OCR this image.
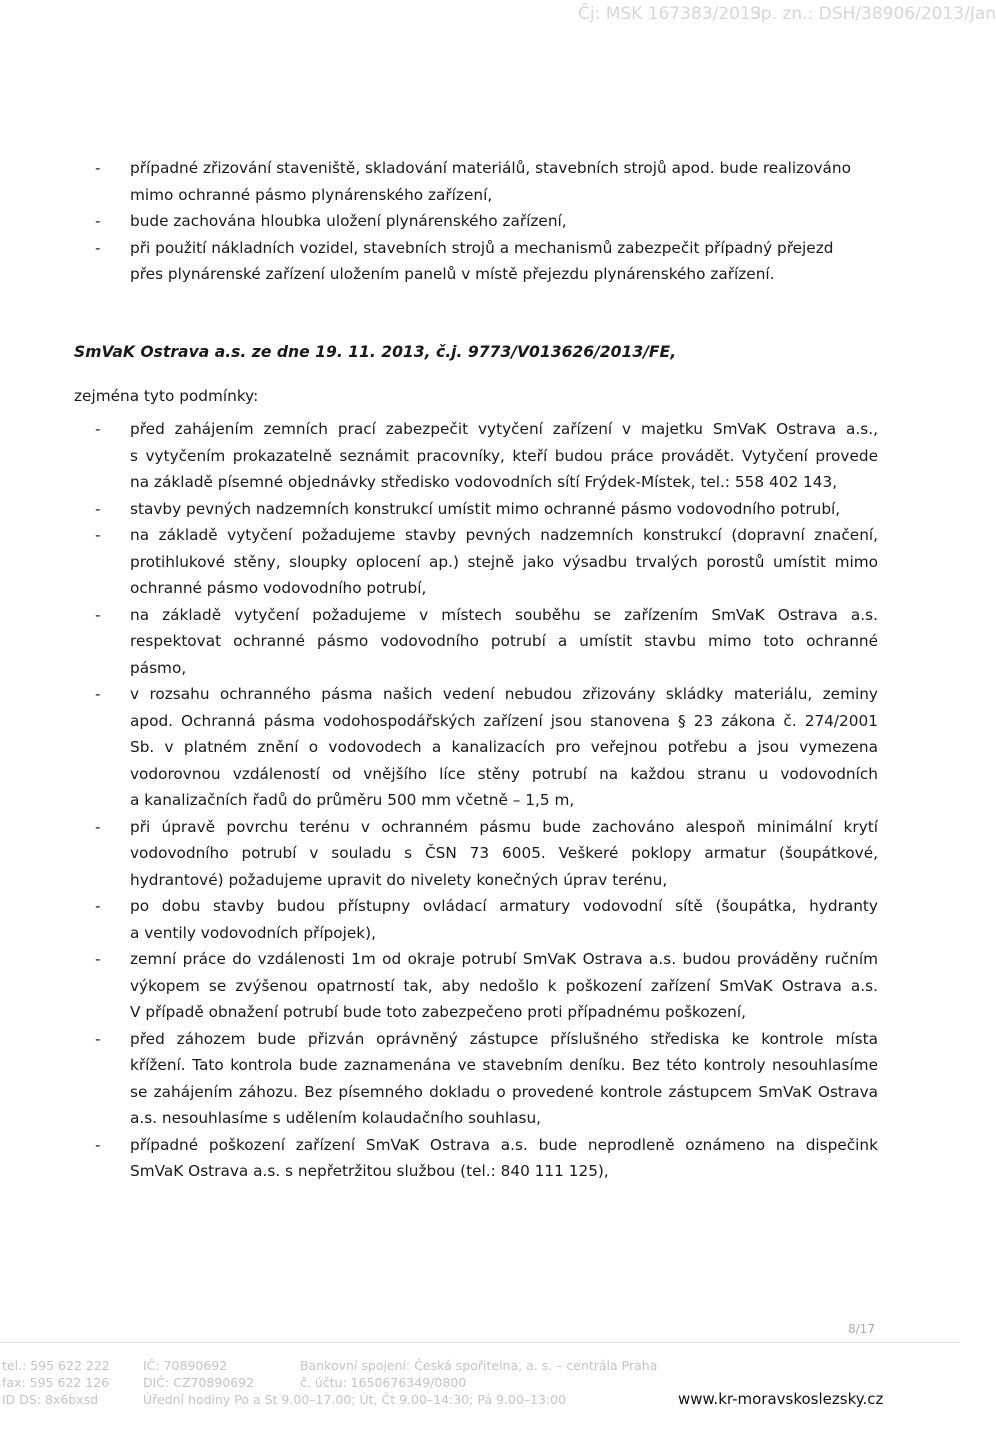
Čj: MSK 167383/2013
Sp. zn.: DSH/38906/2013/Jan
- případné zřizování staveniště, skladování materiálů, stavebních strojů apod. bude realizováno
mimo ochranné pásmo plynárenského zařízení,
- bude zachována hloubka uložení plynárenského zařízení,
- při použití nákladních vozidel, stavebních strojů a mechanismů zabezpečit případný přejezd
přes plynárenské zařízení uložením panelů v místě přejezdu plynárenského zařízení.
SmVaK Ostrava a.s. ze dne 19. 11. 2013, č.j. 9773/V013626/2013/FE,
zejména tyto podmínky:
- před zahájením zemních prací zabezpečit vytyčení zařízení v majetku SmVaK Ostrava a.s.,
s vytyčením prokazatelně seznámit pracovníky, kteří budou práce provádět. Vytyčení provede
na základě písemné objednávky středisko vodovodních sítí Frýdek-Místek, tel.: 558 402 143,
- stavby pevných nadzemních konstrukcí umístit mimo ochranné pásmo vodovodního potrubí,
- na základě vytyčení požadujeme stavby pevných nadzemních konstrukcí (dopravní značení,
protihlukové stěny, sloupky oplocení ap.) stejně jako výsadbu trvalých porostů umístit mimo
ochranné pásmo vodovodního potrubí,
- na základě vytyčení požadujeme v místech souběhu se zařízením SmVaK Ostrava a.s.
respektovat ochranné pásmo vodovodního potrubí a umístit stavbu mimo toto ochranné
pásmo,
- v rozsahu ochranného pásma našich vedení nebudou zřizovány skládky materiálu, zeminy
apod. Ochranná pásma vodohospodářských zařízení jsou stanovena § 23 zákona č. 274/2001
Sb. v platném znění o vodovodech a kanalizacích pro veřejnou potřebu a jsou vymezena
vodorovnou vzdáleností od vnějšího líce stěny potrubí na každou stranu u vodovodních
a kanalizačních řadů do průměru 500 mm včetně – 1,5 m,
- při úpravě povrchu terénu v ochranném pásmu bude zachováno alespoň minimální krytí
vodovodního potrubí v souladu s ČSN 73 6005. Veškeré poklopy armatur (šoupátkové,
hydrantové) požadujeme upravit do nivelety konečných úprav terénu,
- po dobu stavby budou přístupny ovládací armatury vodovodní sítě (šoupátka, hydranty
a ventily vodovodních přípojek),
- zemní práce do vzdálenosti 1m od okraje potrubí SmVaK Ostrava a.s. budou prováděny ručním
výkopem se zvýšenou opatrností tak, aby nedošlo k poškození zařízení SmVaK Ostrava a.s.
V případě obnažení potrubí bude toto zabezpečeno proti případnému poškození,
- před záhozem bude přizván oprávněný zástupce příslušného střediska ke kontrole místa
křížení. Tato kontrola bude zaznamenána ve stavebním deníku. Bez této kontroly nesouhlasíme
se zahájením záhozu. Bez písemného dokladu o provedené kontrole zástupcem SmVaK Ostrava
a.s. nesouhlasíme s udělením kolaudačního souhlasu,
- případné poškození zařízení SmVaK Ostrava a.s. bude neprodleně oznámeno na dispečink
SmVaK Ostrava a.s. s nepřetržitou službou (tel.: 840 111 125),
8/17
tel.: 595 622 222
fax: 595 622 126
ID DS: 8x6bxsd
IČ: 70890692
DIČ: CZ70890692
Úřední hodiny Po a St 9.00–17.00; Út, Čt 9.00–14:30; Pá 9.00–13:00
Bankovní spojení: Česká spořitelna, a. s. – centrála Praha
č. účtu: 1650676349/0800
www.kr-moravskoslezsky.cz
